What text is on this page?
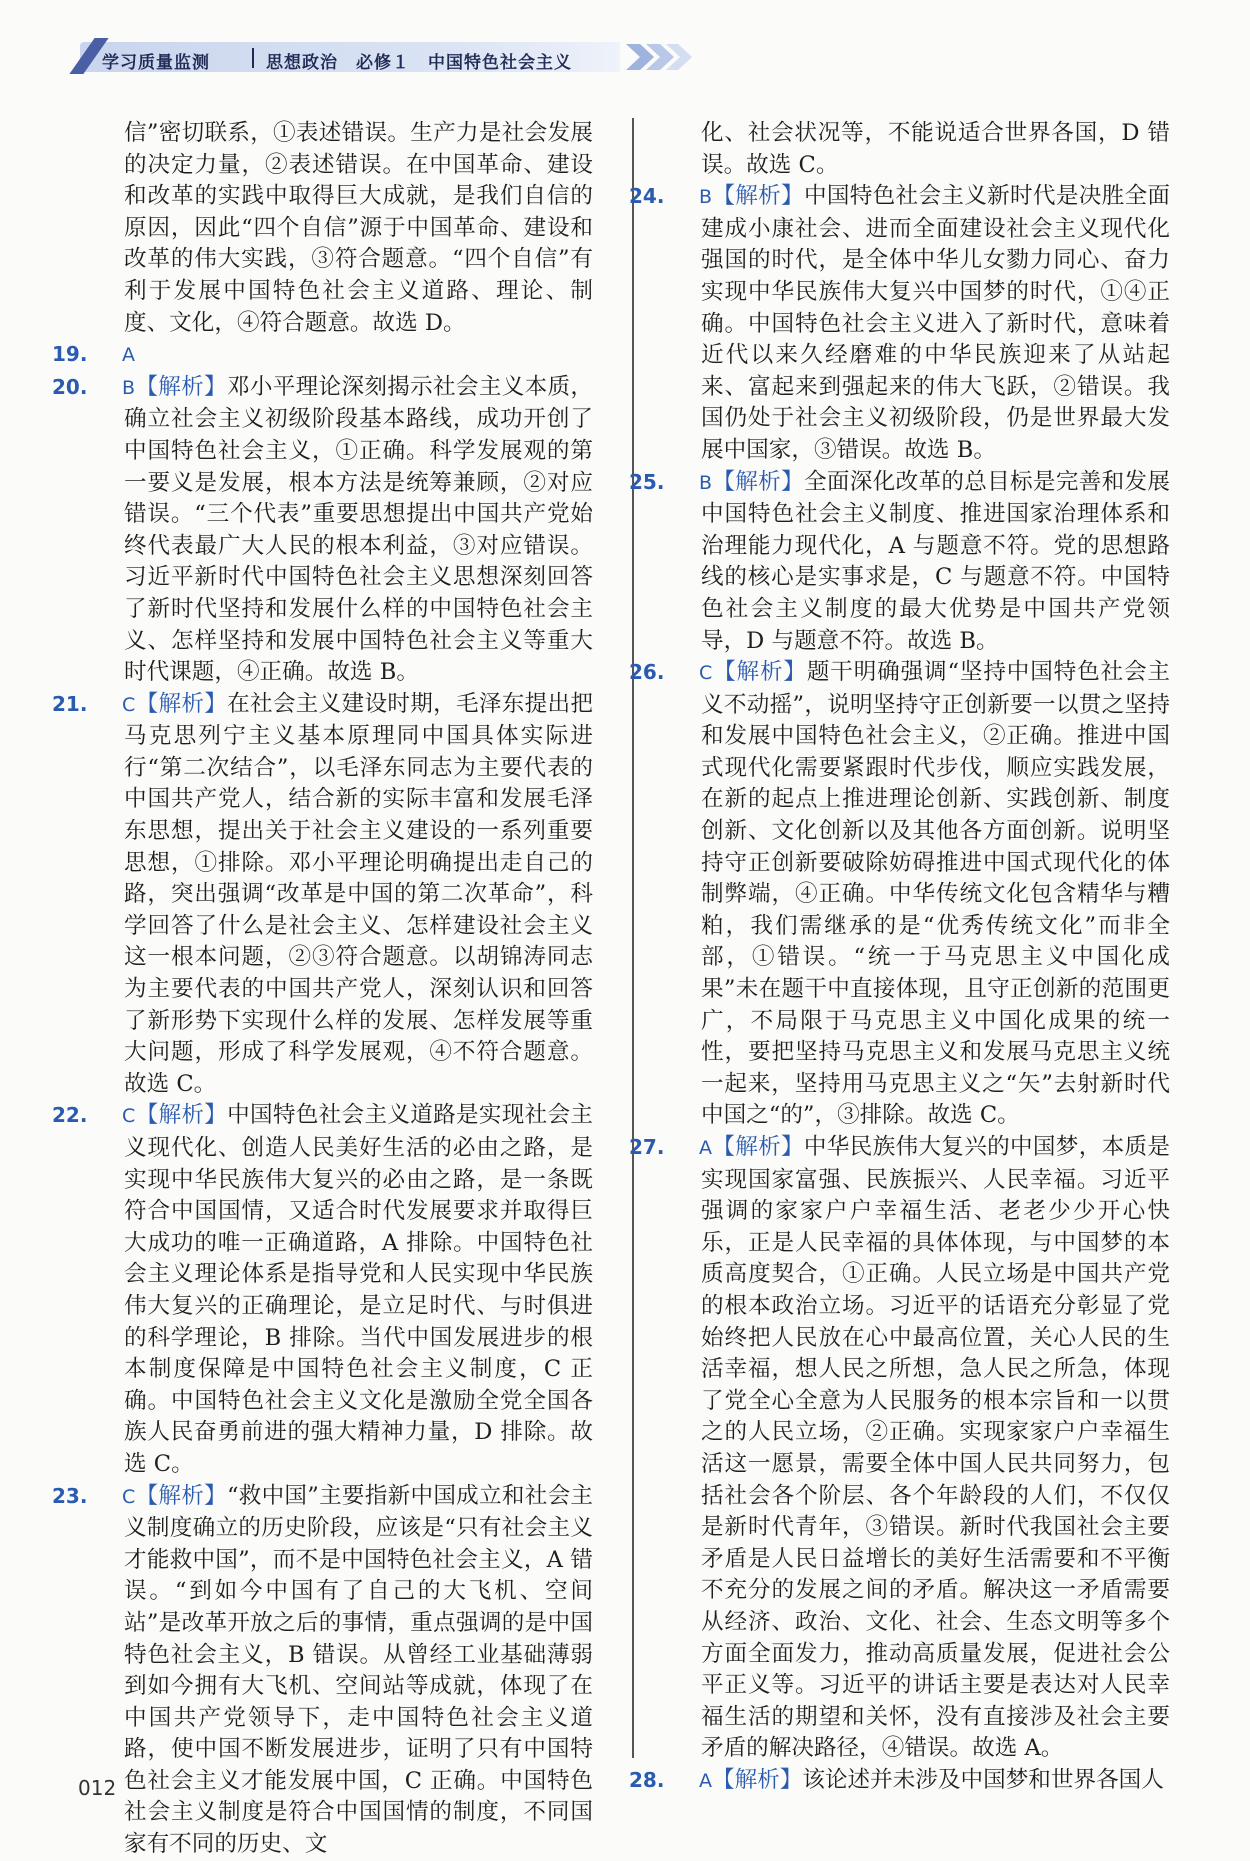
学习质量监测	思想政治　必修１　中国特色社会主义

信”密切联系，①表述错误。生产力是社会发展的决定力量，②表述错误。在中国革命、建设和改革的实践中取得巨大成就，是我们自信的原因，因此“四个自信”源于中国革命、建设和改革的伟大实践，③符合题意。“四个自信”有利于发展中国特色社会主义道路、理论、制度、文化，④符合题意。故选 D。

19. A

20. B【解析】邓小平理论深刻揭示社会主义本质，确立社会主义初级阶段基本路线，成功开创了中国特色社会主义，①正确。科学发展观的第一要义是发展，根本方法是统筹兼顾，②对应错误。“三个代表”重要思想提出中国共产党始终代表最广大人民的根本利益，③对应错误。习近平新时代中国特色社会主义思想深刻回答了新时代坚持和发展什么样的中国特色社会主义、怎样坚持和发展中国特色社会主义等重大时代课题，④正确。故选 B。

21. C【解析】在社会主义建设时期，毛泽东提出把马克思列宁主义基本原理同中国具体实际进行“第二次结合”，以毛泽东同志为主要代表的中国共产党人，结合新的实际丰富和发展毛泽东思想，提出关于社会主义建设的一系列重要思想，①排除。邓小平理论明确提出走自己的路，突出强调“改革是中国的第二次革命”，科学回答了什么是社会主义、怎样建设社会主义这一根本问题，②③符合题意。以胡锦涛同志为主要代表的中国共产党人，深刻认识和回答了新形势下实现什么样的发展、怎样发展等重大问题，形成了科学发展观，④不符合题意。故选 C。

22. C【解析】中国特色社会主义道路是实现社会主义现代化、创造人民美好生活的必由之路，是实现中华民族伟大复兴的必由之路，是一条既符合中国国情，又适合时代发展要求并取得巨大成功的唯一正确道路，A 排除。中国特色社会主义理论体系是指导党和人民实现中华民族伟大复兴的正确理论，是立足时代、与时俱进的科学理论，B 排除。当代中国发展进步的根本制度保障是中国特色社会主义制度，C 正确。中国特色社会主义文化是激励全党全国各族人民奋勇前进的强大精神力量，D 排除。故选 C。

23. C【解析】“救中国”主要指新中国成立和社会主义制度确立的历史阶段，应该是“只有社会主义才能救中国”，而不是中国特色社会主义，A 错误。“到如今中国有了自己的大飞机、空间站”是改革开放之后的事情，重点强调的是中国特色社会主义，B 错误。从曾经工业基础薄弱到如今拥有大飞机、空间站等成就，体现了在中国共产党领导下，走中国特色社会主义道路，使中国不断发展进步，证明了只有中国特色社会主义才能发展中国，C 正确。中国特色社会主义制度是符合中国国情的制度，不同国家有不同的历史、文

化、社会状况等，不能说适合世界各国，D 错误。故选 C。

24. B【解析】中国特色社会主义新时代是决胜全面建成小康社会、进而全面建设社会主义现代化强国的时代，是全体中华儿女勠力同心、奋力实现中华民族伟大复兴中国梦的时代，①④正确。中国特色社会主义进入了新时代，意味着近代以来久经磨难的中华民族迎来了从站起来、富起来到强起来的伟大飞跃，②错误。我国仍处于社会主义初级阶段，仍是世界最大发展中国家，③错误。故选 B。

25. B【解析】全面深化改革的总目标是完善和发展中国特色社会主义制度、推进国家治理体系和治理能力现代化，A 与题意不符。党的思想路线的核心是实事求是，C 与题意不符。中国特色社会主义制度的最大优势是中国共产党领导，D 与题意不符。故选 B。

26. C【解析】题干明确强调“坚持中国特色社会主义不动摇”，说明坚持守正创新要一以贯之坚持和发展中国特色社会主义，②正确。推进中国式现代化需要紧跟时代步伐，顺应实践发展，在新的起点上推进理论创新、实践创新、制度创新、文化创新以及其他各方面创新。说明坚持守正创新要破除妨碍推进中国式现代化的体制弊端，④正确。中华传统文化包含精华与糟粕，我们需继承的是“优秀传统文化”而非全部，①错误。“统一于马克思主义中国化成果”未在题干中直接体现，且守正创新的范围更广，不局限于马克思主义中国化成果的统一性，要把坚持马克思主义和发展马克思主义统一起来，坚持用马克思主义之“矢”去射新时代中国之“的”，③排除。故选 C。

27. A【解析】中华民族伟大复兴的中国梦，本质是实现国家富强、民族振兴、人民幸福。习近平强调的家家户户幸福生活、老老少少开心快乐，正是人民幸福的具体体现，与中国梦的本质高度契合，①正确。人民立场是中国共产党的根本政治立场。习近平的话语充分彰显了党始终把人民放在心中最高位置，关心人民的生活幸福，想人民之所想，急人民之所急，体现了党全心全意为人民服务的根本宗旨和一以贯之的人民立场，②正确。实现家家户户幸福生活这一愿景，需要全体中国人民共同努力，包括社会各个阶层、各个年龄段的人们，不仅仅是新时代青年，③错误。新时代我国社会主要矛盾是人民日益增长的美好生活需要和不平衡不充分的发展之间的矛盾。解决这一矛盾需要从经济、政治、文化、社会、生态文明等多个方面全面发力，推动高质量发展，促进社会公平正义等。习近平的讲话主要是表达对人民幸福生活的期望和关怀，没有直接涉及社会主要矛盾的解决路径，④错误。故选 A。

28. A【解析】该论述并未涉及中国梦和世界各国人

012
